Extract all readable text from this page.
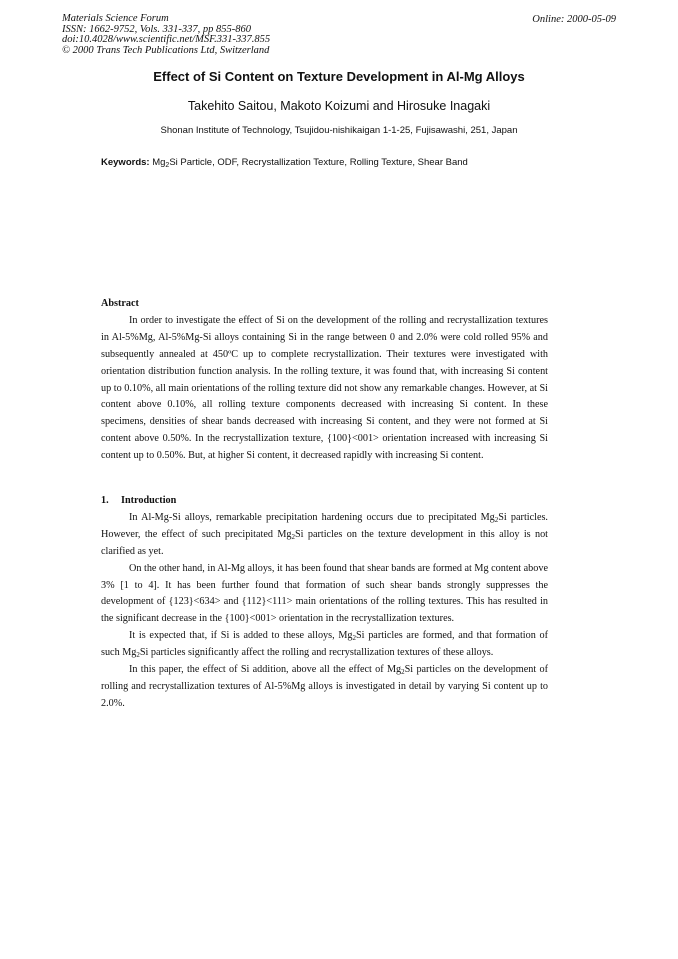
Materials Science Forum
ISSN: 1662-9752, Vols. 331-337, pp 855-860
doi:10.4028/www.scientific.net/MSF.331-337.855
© 2000 Trans Tech Publications Ltd, Switzerland
Online: 2000-05-09
Effect of Si Content on Texture Development in Al-Mg Alloys
Takehito Saitou, Makoto Koizumi and Hirosuke Inagaki
Shonan Institute of Technology, Tsujidou-nishikaigan 1-1-25, Fujisawashi, 251, Japan
Keywords: $Mg_2Si$ Particle, ODF, Recrystallization Texture, Rolling Texture, Shear Band
Abstract

In order to investigate the effect of Si on the development of the rolling and recrystallization textures in Al-5%Mg, Al-5%Mg-Si alloys containing Si in the range between 0 and 2.0% were cold rolled 95% and subsequently annealed at 450ºC up to complete recrystallization. Their textures were investigated with orientation distribution function analysis. In the rolling texture, it was found that, with increasing Si content up to 0.10%, all main orientations of the rolling texture did not show any remarkable changes. However, at Si content above 0.10%, all rolling texture components decreased with increasing Si content. In these specimens, densities of shear bands decreased with increasing Si content, and they were not formed at Si content above 0.50%. In the recrystallization texture, {100}<001> orientation increased with increasing Si content up to 0.50%. But, at higher Si content, it decreased rapidly with increasing Si content.

1. Introduction

In Al-Mg-Si alloys, remarkable precipitation hardening occurs due to precipitated $Mg_2Si$ particles. However, the effect of such precipitated $Mg_2Si$ particles on the texture development in this alloy is not clarified as yet.

On the other hand, in Al-Mg alloys, it has been found that shear bands are formed at Mg content above 3% [1 to 4]. It has been further found that formation of such shear bands strongly suppresses the development of {123}<634> and {112}<111> main orientations of the rolling textures. This has resulted in the significant decrease in the {100}<001> orientation in the recrystallization textures.

It is expected that, if Si is added to these alloys, $Mg_2Si$ particles are formed, and that formation of such $Mg_2Si$ particles significantly affect the rolling and recrystallization textures of these alloys.

In this paper, the effect of Si addition, above all the effect of $Mg_2Si$ particles on the development of rolling and recrystallization textures of Al-5%Mg alloys is investigated in detail by varying Si content up to 2.0%.
